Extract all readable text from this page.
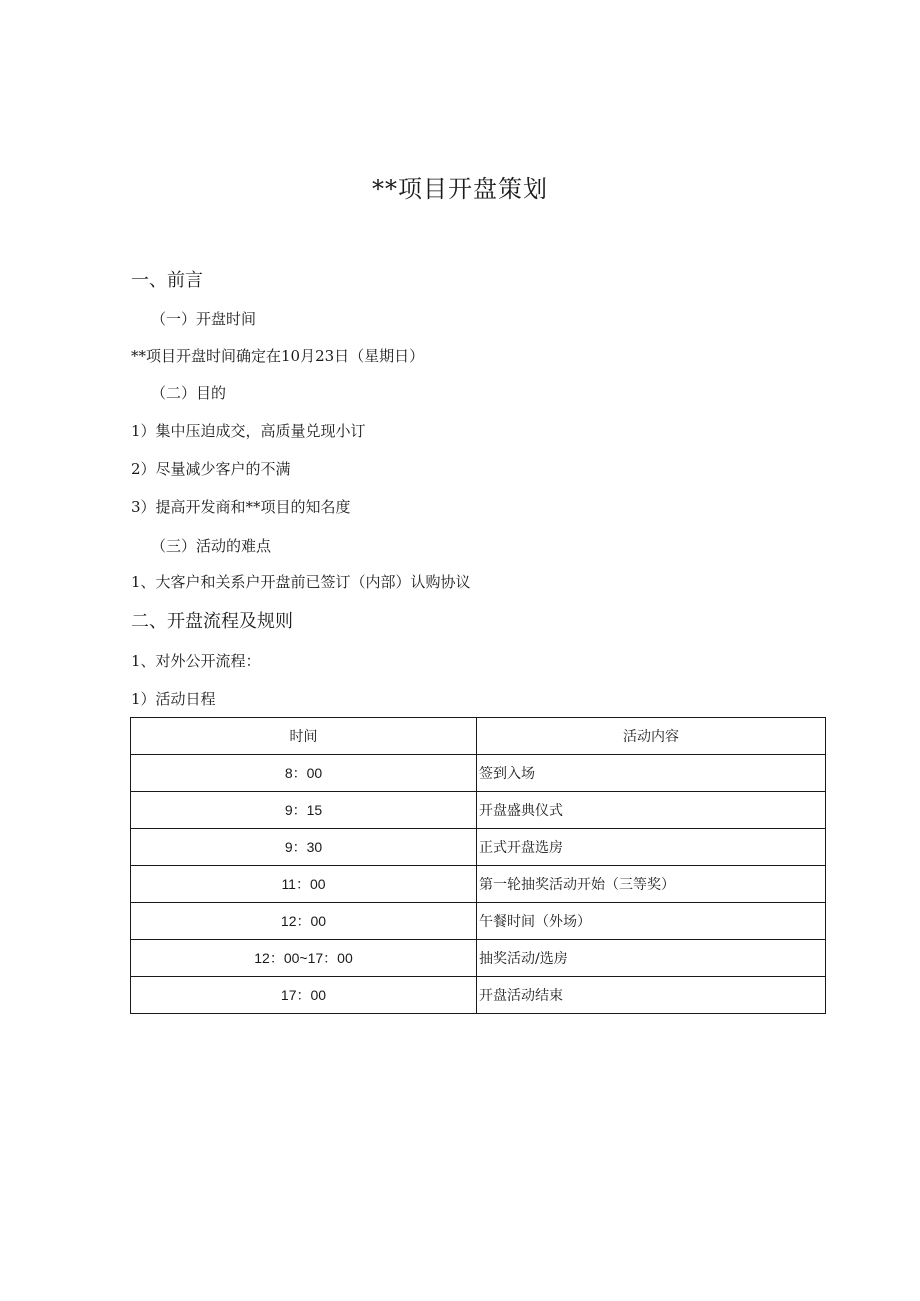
**项目开盘策划
一、前言
（一）开盘时间
**项目开盘时间确定在10月23日（星期日）
（二）目的
1）集中压迫成交，高质量兑现小订
2）尽量减少客户的不满
3）提高开发商和**项目的知名度
（三）活动的难点
1、大客户和关系户开盘前已签订（内部）认购协议
二、开盘流程及规则
1、对外公开流程：
1）活动日程
时间	活动内容
8：00	签到入场
9：15	开盘盛典仪式
9：30	正式开盘选房
11：00	第一轮抽奖活动开始（三等奖）
12：00	午餐时间（外场）
12：00~17：00	抽奖活动/选房
17：00	开盘活动结束
